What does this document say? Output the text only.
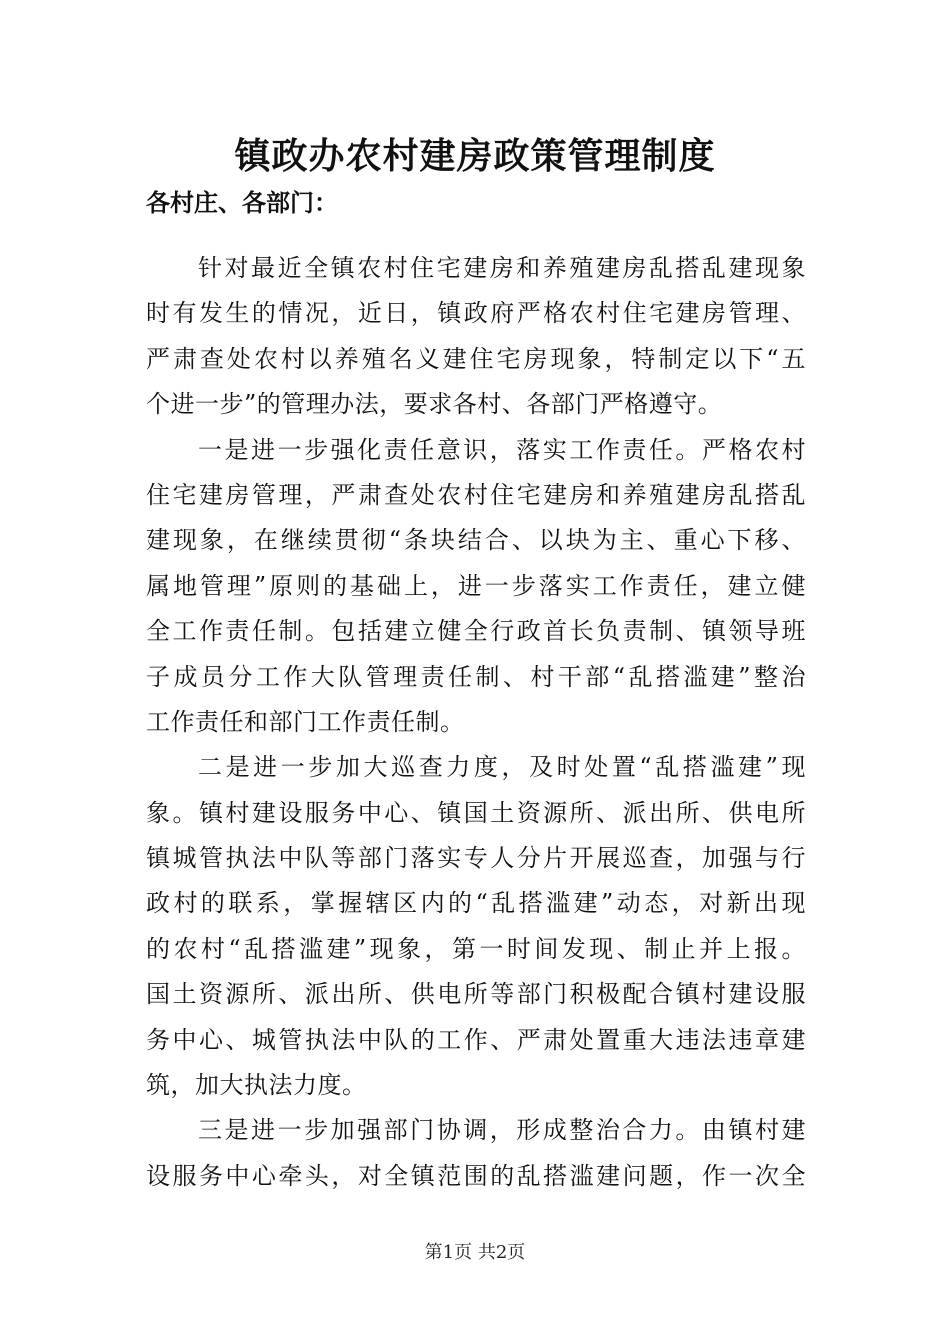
镇政办农村建房政策管理制度

各村庄、各部门：

针对最近全镇农村住宅建房和养殖建房乱搭乱建现象
时有发生的情况，近日，镇政府严格农村住宅建房管理、
严肃查处农村以养殖名义建住宅房现象，特制定以下“五
个进一步”的管理办法，要求各村、各部门严格遵守。
一是进一步强化责任意识，落实工作责任。严格农村
住宅建房管理，严肃查处农村住宅建房和养殖建房乱搭乱
建现象，在继续贯彻“条块结合、以块为主、重心下移、
属地管理”原则的基础上，进一步落实工作责任，建立健
全工作责任制。包括建立健全行政首长负责制、镇领导班
子成员分工作大队管理责任制、村干部“乱搭滥建”整治
工作责任和部门工作责任制。
二是进一步加大巡查力度，及时处置“乱搭滥建”现
象。镇村建设服务中心、镇国土资源所、派出所、供电所
镇城管执法中队等部门落实专人分片开展巡查，加强与行
政村的联系，掌握辖区内的“乱搭滥建”动态，对新出现
的农村“乱搭滥建”现象，第一时间发现、制止并上报。
国土资源所、派出所、供电所等部门积极配合镇村建设服
务中心、城管执法中队的工作、严肃处置重大违法违章建
筑，加大执法力度。
三是进一步加强部门协调，形成整治合力。由镇村建
设服务中心牵头，对全镇范围的乱搭滥建问题，作一次全
第1页 共2页
